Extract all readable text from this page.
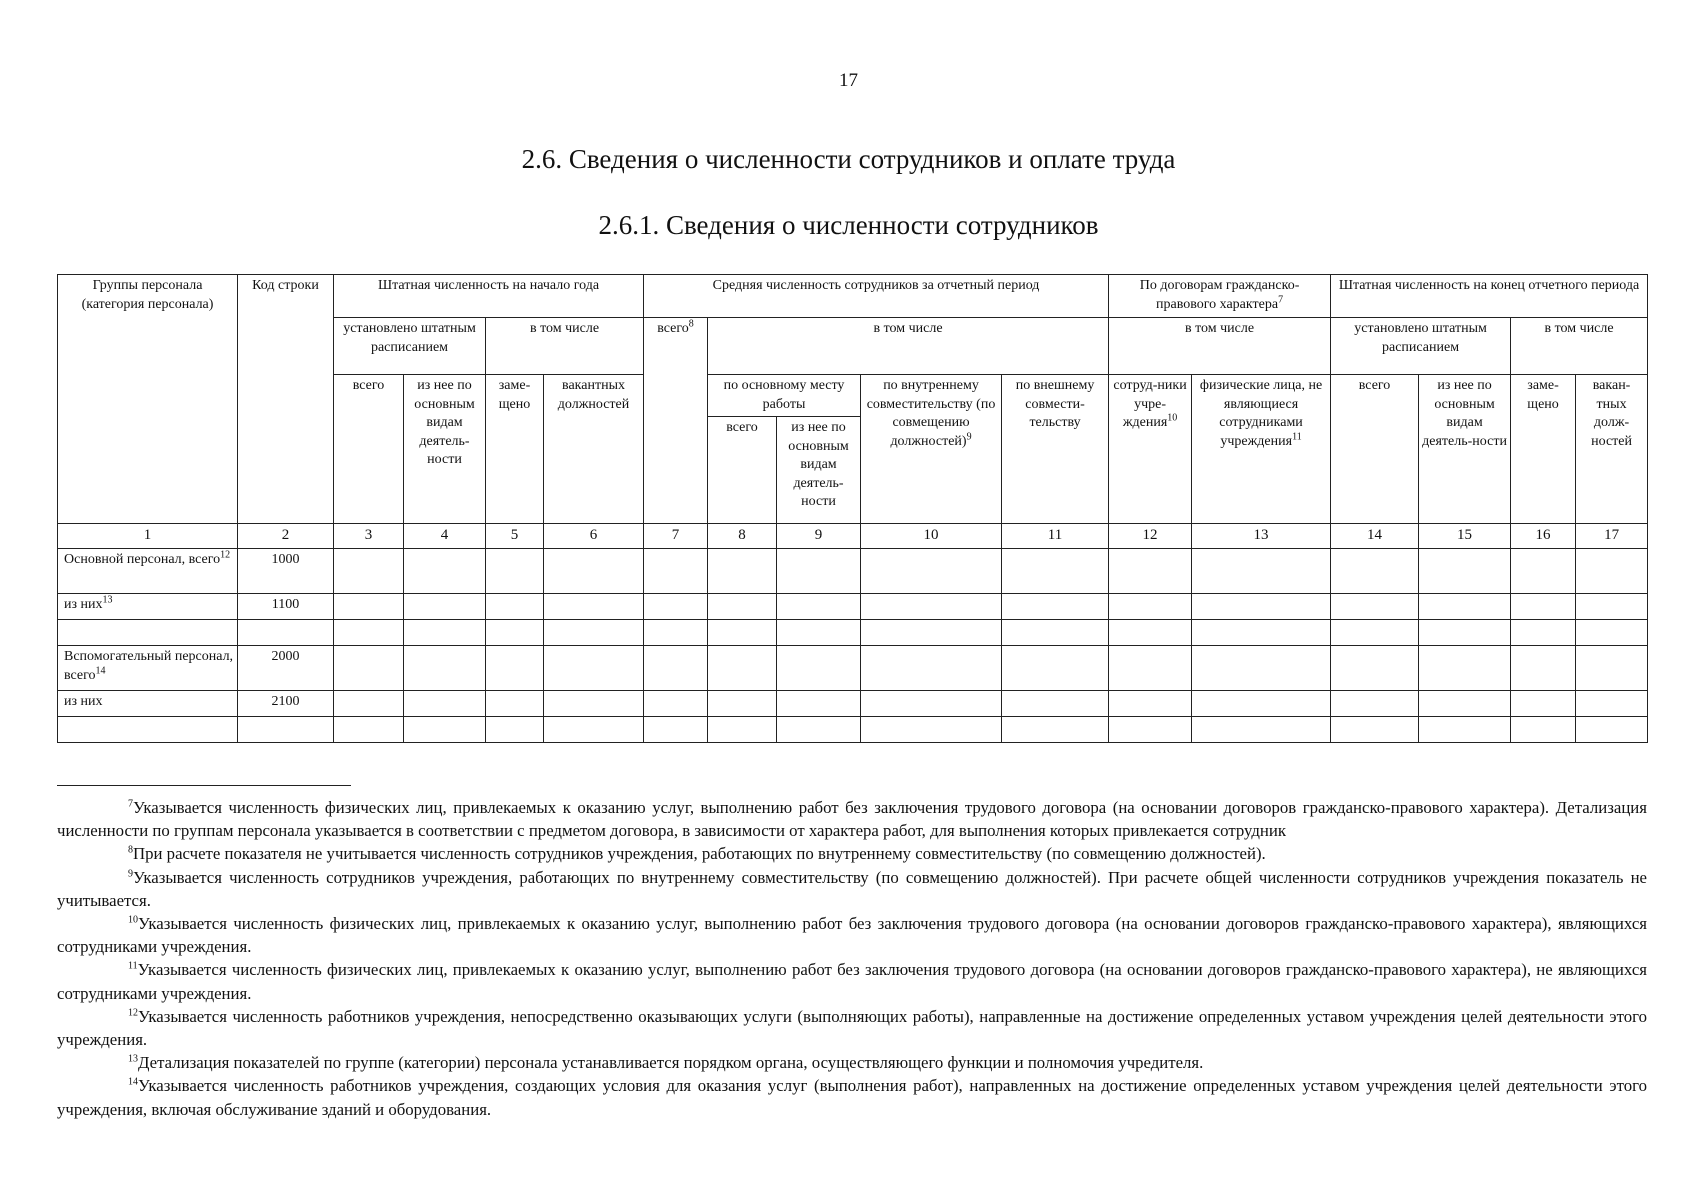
17
2.6. Сведения о численности сотрудников и оплате труда
2.6.1. Сведения о численности сотрудников
Группы персонала (категория персонала)	Код строки	Штатная численность на начало года				Средняя численность сотрудников за отчетный период					По договорам гражданско-правового характера$^7$		Штатная численность на конец отчетного периода			
		установлено штатным расписанием		в том числе		всего$^8$	в том числе				в том числе		установлено штатным расписанием		в том числе	
		всего	из нее по основным видам деятель-ности	заме-щено	вакантных должностей		по основному месту работы		по внутреннему совместительству (по совмещению должностей)$^9$	по внешнему совмести-тельству	сотруд-ники учре-ждения$^{10}$	физические лица, не являющиеся сотрудниками учреждения$^{11}$	всего	из нее по основным видам деятель-ности	заме-щено	вакан-тных долж-ностей
							всего	из нее по основным видам деятель-ности								
1	2	3	4	5	6	7	8	9	10	11	12	13	14	15	16	17
Основной персонал, всего$^{12}$	1000															
из них$^{13}$	1100															

Вспомогательный персонал, всего$^{14}$	2000															
из них	2100															

$^7$Указывается численность физических лиц, привлекаемых к оказанию услуг, выполнению работ без заключения трудового договора (на основании договоров гражданско-правового характера). Детализация численности по группам персонала указывается в соответствии с предметом договора, в зависимости от характера работ, для выполнения которых привлекается сотрудник

$^8$При расчете показателя не учитывается численность сотрудников учреждения, работающих по внутреннему совместительству (по совмещению должностей).

$^9$Указывается численность сотрудников учреждения, работающих по внутреннему совместительству (по совмещению должностей). При расчете общей численности сотрудников учреждения показатель не учитывается.

$^{10}$Указывается численность физических лиц, привлекаемых к оказанию услуг, выполнению работ без заключения трудового договора (на основании договоров гражданско-правового характера), являющихся сотрудниками учреждения.

$^{11}$Указывается численность физических лиц, привлекаемых к оказанию услуг, выполнению работ без заключения трудового договора (на основании договоров гражданско-правового характера), не являющихся сотрудниками учреждения.

$^{12}$Указывается численность работников учреждения, непосредственно оказывающих услуги (выполняющих работы), направленные на достижение определенных уставом учреждения целей деятельности этого учреждения.

$^{13}$Детализация показателей по группе (категории) персонала устанавливается порядком органа, осуществляющего функции и полномочия учредителя.

$^{14}$Указывается численность работников учреждения, создающих условия для оказания услуг (выполнения работ), направленных на достижение определенных уставом учреждения целей деятельности этого учреждения, включая обслуживание зданий и оборудования.
